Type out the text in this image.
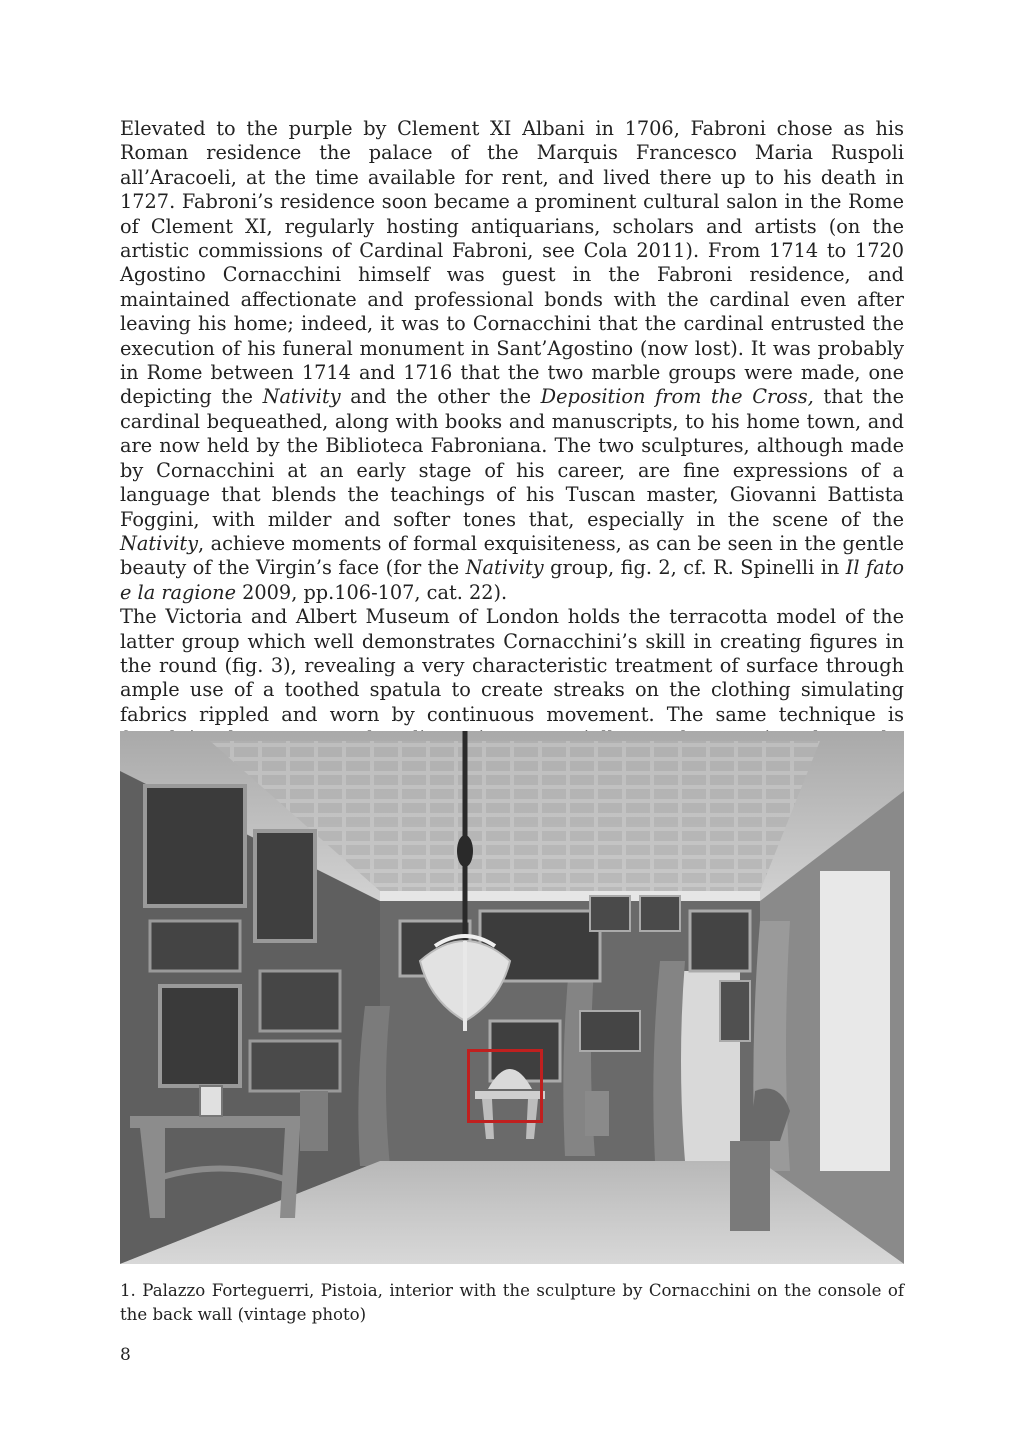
Elevated to the purple by Clement XI Albani in 1706, Fabroni chose as his Roman residence the palace of the Marquis Francesco Maria Ruspoli all’Aracoeli, at the time available for rent, and lived there up to his death in 1727. Fabroni’s residence soon became a prominent cultural salon in the Rome of Clement XI, regularly hosting antiquarians, scholars and artists (on the artistic commissions of Cardinal Fabroni, see Cola 2011). From 1714 to 1720 Agostino Cornacchini himself was guest in the Fabroni residence, and maintained affectionate and professional bonds with the cardinal even after leaving his home; indeed, it was to Cornacchini that the cardinal entrusted the execution of his funeral monument in Sant’Agostino (now lost). It was probably in Rome between 1714 and 1716 that the two marble groups were made, one depicting the Nativity and the other the Deposition from the Cross, that the cardinal bequeathed, along with books and manuscripts, to his home town, and are now held by the Biblioteca Fabroniana. The two sculptures, although made by Cornacchini at an early stage of his career, are fine expressions of a language that blends the teachings of his Tuscan master, Giovanni Battista Foggini, with milder and softer tones that, especially in the scene of the Nativity, achieve moments of formal exquisiteness, as can be seen in the gentle beauty of the Virgin’s face (for the Nativity group, fig. 2, cf. R. Spinelli in Il fato e la ragione 2009, pp.106-107, cat. 22).

The Victoria and Albert Museum of London holds the terracotta model of the latter group which well demonstrates Cornacchini’s skill in creating figures in the round (fig. 3), revealing a very characteristic treatment of surface through ample use of a toothed spatula to create streaks on the clothing simulating fabrics rippled and worn by continuous movement. The same technique is

1. Palazzo Forteguerri, Pistoia, interior with the sculpture by Cornacchini on the console of the back wall (vintage photo)
8
